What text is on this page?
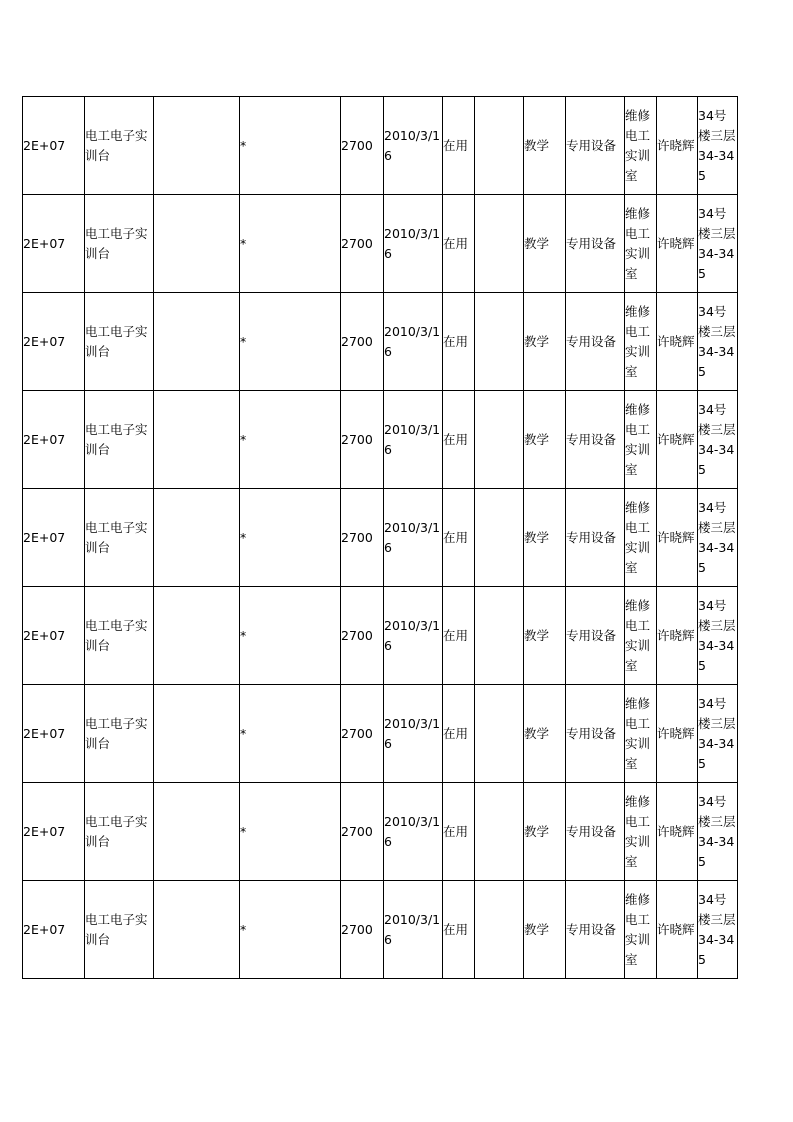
2E+07	电工电子实训台		*	2700	2010/3/16	在用		教学	专用设备	维修电工实训室	许晓辉	34号楼三层34-345
2E+07	电工电子实训台		*	2700	2010/3/16	在用		教学	专用设备	维修电工实训室	许晓辉	34号楼三层34-345
2E+07	电工电子实训台		*	2700	2010/3/16	在用		教学	专用设备	维修电工实训室	许晓辉	34号楼三层34-345
2E+07	电工电子实训台		*	2700	2010/3/16	在用		教学	专用设备	维修电工实训室	许晓辉	34号楼三层34-345
2E+07	电工电子实训台		*	2700	2010/3/16	在用		教学	专用设备	维修电工实训室	许晓辉	34号楼三层34-345
2E+07	电工电子实训台		*	2700	2010/3/16	在用		教学	专用设备	维修电工实训室	许晓辉	34号楼三层34-345
2E+07	电工电子实训台		*	2700	2010/3/16	在用		教学	专用设备	维修电工实训室	许晓辉	34号楼三层34-345
2E+07	电工电子实训台		*	2700	2010/3/16	在用		教学	专用设备	维修电工实训室	许晓辉	34号楼三层34-345
2E+07	电工电子实训台		*	2700	2010/3/16	在用		教学	专用设备	维修电工实训室	许晓辉	34号楼三层34-345
